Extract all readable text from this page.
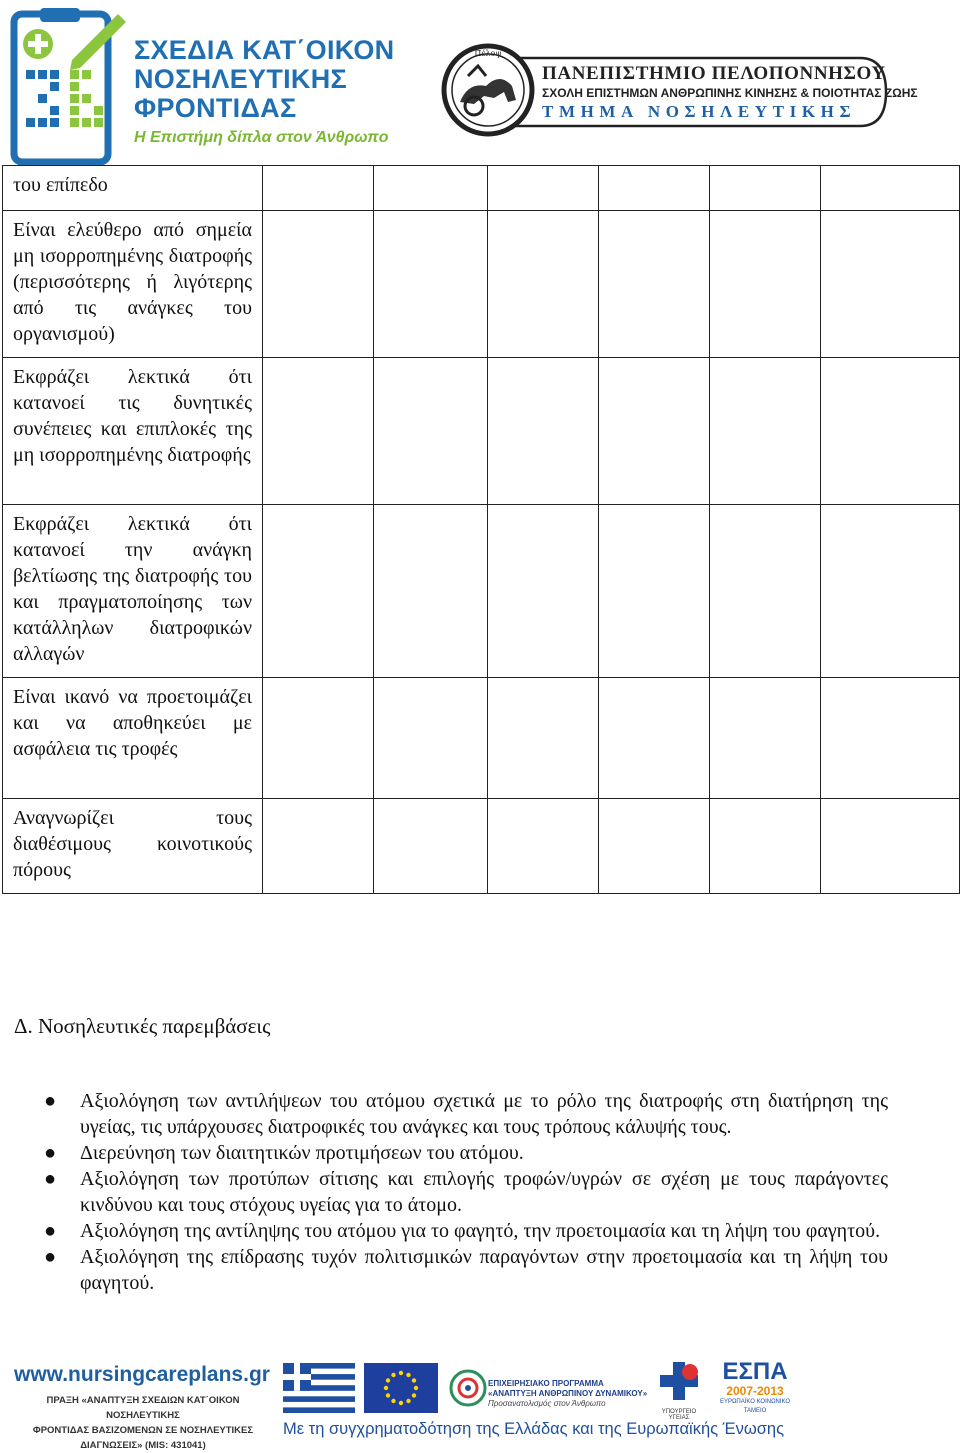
ΣΧΕΔΙΑ ΚΑΤ΄ΟΙΚΟΝ
ΝΟΣΗΛΕΥΤΙΚΗΣ
ΦΡΟΝΤΙΔΑΣ
Η Επιστήμη δίπλα στον Άνθρωπο
Πέλοψ
ΠΑΝΕΠΙΣΤΗΜΙΟ ΠΕΛΟΠΟΝΝΗΣΟΥ
ΣΧΟΛΗ ΕΠΙΣΤΗΜΩΝ ΑΝΘΡΩΠΙΝΗΣ ΚΙΝΗΣΗΣ & ΠΟΙΟΤΗΤΑΣ ΖΩΗΣ
ΤΜΗΜΑ ΝΟΣΗΛΕΥΤΙΚΗΣ
του επίπεδο						
Είναι ελεύθερο από σημεία μη ισορροπημένης διατροφής (περισσότερης ή λιγότερης από τις ανάγκες του οργανισμού)						
Εκφράζει λεκτικά ότι κατανοεί τις δυνητικές συνέπειες και επιπλοκές της μη ισορροπημένης διατροφής						
Εκφράζει λεκτικά ότι κατανοεί την ανάγκη βελτίωσης της διατροφής του και πραγματοποίησης των κατάλληλων διατροφικών αλλαγών						
Είναι ικανό να προετοιμάζει και να αποθηκεύει με ασφάλεια τις τροφές						
Αναγνωρίζει τους διαθέσιμους κοινοτικούς πόρους						
Δ. Νοσηλευτικές παρεμβάσεις
● Αξιολόγηση των αντιλήψεων του ατόμου σχετικά με το ρόλο της διατροφής στη διατήρηση της υγείας, τις υπάρχουσες διατροφικές του ανάγκες και τους τρόπους κάλυψής τους.
● Διερεύνηση των διαιτητικών προτιμήσεων του ατόμου.
● Αξιολόγηση των προτύπων σίτισης και επιλογής τροφών/υγρών σε σχέση με τους παράγοντες κινδύνου και τους στόχους υγείας για το άτομο.
● Αξιολόγηση της αντίληψης του ατόμου για το φαγητό, την προετοιμασία και τη λήψη του φαγητού.
● Αξιολόγηση της επίδρασης τυχόν πολιτισμικών παραγόντων στην προετοιμασία και τη λήψη του φαγητού.
www.nursingcareplans.gr
ΠΡΑΞΗ «ΑΝΑΠΤΥΞΗ ΣΧΕΔΙΩΝ ΚΑΤ΄ΟΙΚΟΝ ΝΟΣΗΛΕΥΤΙΚΗΣ
ΦΡΟΝΤΙΔΑΣ ΒΑΣΙΖΟΜΕΝΩΝ ΣΕ ΝΟΣΗΛΕΥΤΙΚΕΣ
ΔΙΑΓΝΩΣΕΙΣ» (MIS: 431041)
ΕΠΙΧΕΙΡΗΣΙΑΚΟ ΠΡΟΓΡΑΜΜΑ
«ΑΝΑΠΤΥΞΗ ΑΝΘΡΩΠΙΝΟΥ ΔΥΝΑΜΙΚΟΥ»
Προσανατολισμός στον Άνθρωπο
ΥΠΟΥΡΓΕΙΟ ΥΓΕΙΑΣ
ΕΣΠΑ
2007-2013
ΕΥΡΩΠΑΪΚΟ ΚΟΙΝΩΝΙΚΟ ΤΑΜΕΙΟ
Με τη συγχρηματοδότηση της Ελλάδας και της Ευρωπαϊκής Ένωσης
